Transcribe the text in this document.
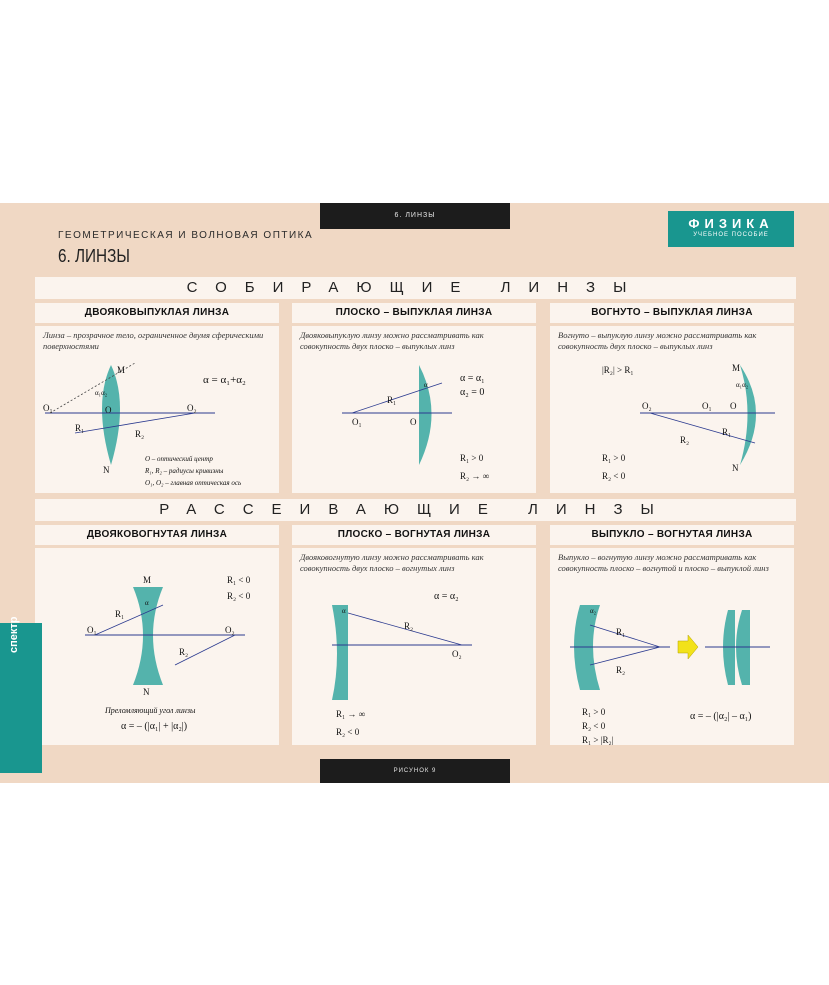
6. ЛИНЗЫ
ФИЗИКА
УЧЕБНОЕ ПОСОБИЕ
ГЕОМЕТРИЧЕСКАЯ И ВОЛНОВАЯ ОПТИКА
6. ЛИНЗЫ
СОБИРАЮЩИЕ ЛИНЗЫ
РАССЕИВАЮЩИЕ ЛИНЗЫ
ДВОЯКОВЫПУКЛАЯ ЛИНЗА
Линза – прозрачное тело, ограниченное двумя сферическими поверхностями
M
N
O
O₁	O₂
R₁
R₂
α₁α₂
α = α₁+α₂
O – оптический центр
R₁, R₂ – радиусы кривизны
O₁, O₂ – главная оптическая ось
ПЛОСКО – ВЫПУКЛАЯ ЛИНЗА
Двояковыпуклую линзу можно рассматривать как совокупность двух плоско – выпуклых линз
O₁	O
R₁
α
α = α₁
α₂ = 0
R₁ > 0
R₂ → ∞
ВОГНУТО – ВЫПУКЛАЯ ЛИНЗА
Вогнуто – выпуклую линзу можно рассматривать как совокупность двух плоско – выпуклых линз
|R₂| > R₁	M
N
O
O₂	O₁
R₁
R₂
α₁α₂
R₁ > 0
R₂ < 0
ДВОЯКОВОГНУТАЯ ЛИНЗА
M
N
O₁	O₂
R₁
R₂
α
R₁ < 0
R₂ < 0
Преломляющий угол линзы
α = – (|α₁| + |α₂|)
ПЛОСКО – ВОГНУТАЯ ЛИНЗА
Двояковогнутую линзу можно рассматривать как совокупность двух плоско – вогнутых линз
O₂
R₂
α
α = α₂
R₁ → ∞
R₂ < 0
ВЫПУКЛО – ВОГНУТАЯ ЛИНЗА
Выпукло – вогнутую линзу можно рассматривать как совокупность плоско – вогнутой и плоско – выпуклой линз
R₁
R₂
α₂
R₁ > 0
R₂ < 0
R₁ > |R₂|
α = – (|α₂| – α₁)
спектр
РИСУНОК 9
